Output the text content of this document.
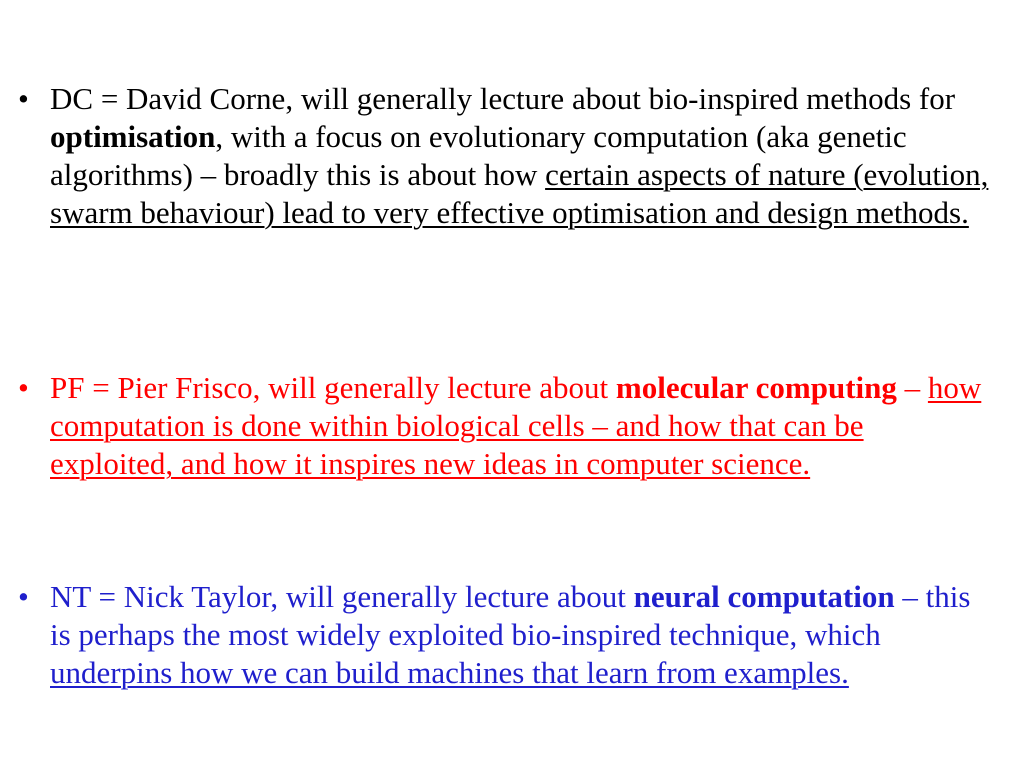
• DC = David Corne, will generally lecture about bio-inspired methods for optimisation, with a focus on evolutionary computation (aka genetic algorithms) – broadly this is about how certain aspects of nature (evolution, swarm behaviour) lead to very effective optimisation and design methods.

• PF = Pier Frisco, will generally lecture about molecular computing – how computation is done within biological cells – and how that can be exploited, and how it inspires new ideas in computer science.

• NT = Nick Taylor, will generally lecture about neural computation – this is perhaps the most widely exploited bio-inspired technique, which underpins how we can build machines that learn from examples.
